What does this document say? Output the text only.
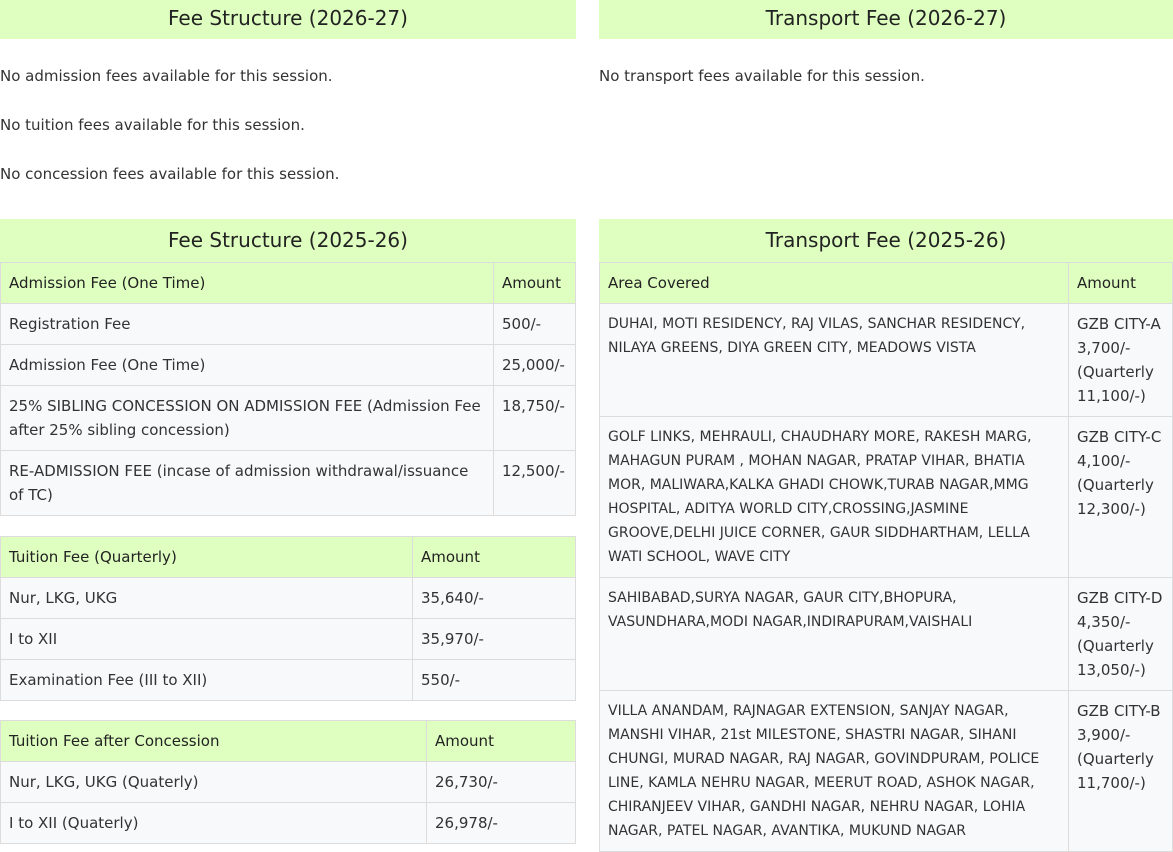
Fee Structure (2026-27)

No admission fees available for this session.

No tuition fees available for this session.

No concession fees available for this session.

Fee Structure (2025-26)
Admission Fee (One Time)	Amount
Registration Fee	500/-
Admission Fee (One Time)	25,000/-
25% SIBLING CONCESSION ON ADMISSION FEE (Admission Fee after 25% sibling concession)	18,750/-
RE-ADMISSION FEE (incase of admission withdrawal/issuance of TC)	12,500/-
Tuition Fee (Quarterly)	Amount
Nur, LKG, UKG	35,640/-
I to XII	35,970/-
Examination Fee (III to XII)	550/-
Tuition Fee after Concession	Amount
Nur, LKG, UKG (Quaterly)	26,730/-
I to XII (Quaterly)	26,978/-
Transport Fee (2026-27)

No transport fees available for this session.

Transport Fee (2025-26)
Area Covered	Amount
DUHAI, MOTI RESIDENCY, RAJ VILAS, SANCHAR RESIDENCY, NILAYA GREENS, DIYA GREEN CITY, MEADOWS VISTA	GZB CITY-A 3,700/- (Quarterly 11,100/-)
GOLF LINKS, MEHRAULI, CHAUDHARY MORE, RAKESH MARG, MAHAGUN PURAM , MOHAN NAGAR, PRATAP VIHAR, BHATIA MOR, MALIWARA,KALKA GHADI CHOWK,TURAB NAGAR,MMG HOSPITAL, ADITYA WORLD CITY,CROSSING,JASMINE GROOVE,DELHI JUICE CORNER, GAUR SIDDHARTHAM, LELLA WATI SCHOOL, WAVE CITY	GZB CITY-C 4,100/- (Quarterly 12,300/-)
SAHIBABAD,SURYA NAGAR, GAUR CITY,BHOPURA, VASUNDHARA,MODI NAGAR,INDIRAPURAM,VAISHALI	GZB CITY-D 4,350/- (Quarterly 13,050/-)
VILLA ANANDAM, RAJNAGAR EXTENSION, SANJAY NAGAR, MANSHI VIHAR, 21st MILESTONE, SHASTRI NAGAR, SIHANI CHUNGI, MURAD NAGAR, RAJ NAGAR, GOVINDPURAM, POLICE LINE, KAMLA NEHRU NAGAR, MEERUT ROAD, ASHOK NAGAR, CHIRANJEEV VIHAR, GANDHI NAGAR, NEHRU NAGAR, LOHIA NAGAR, PATEL NAGAR, AVANTIKA, MUKUND NAGAR	GZB CITY-B 3,900/- (Quarterly 11,700/-)
